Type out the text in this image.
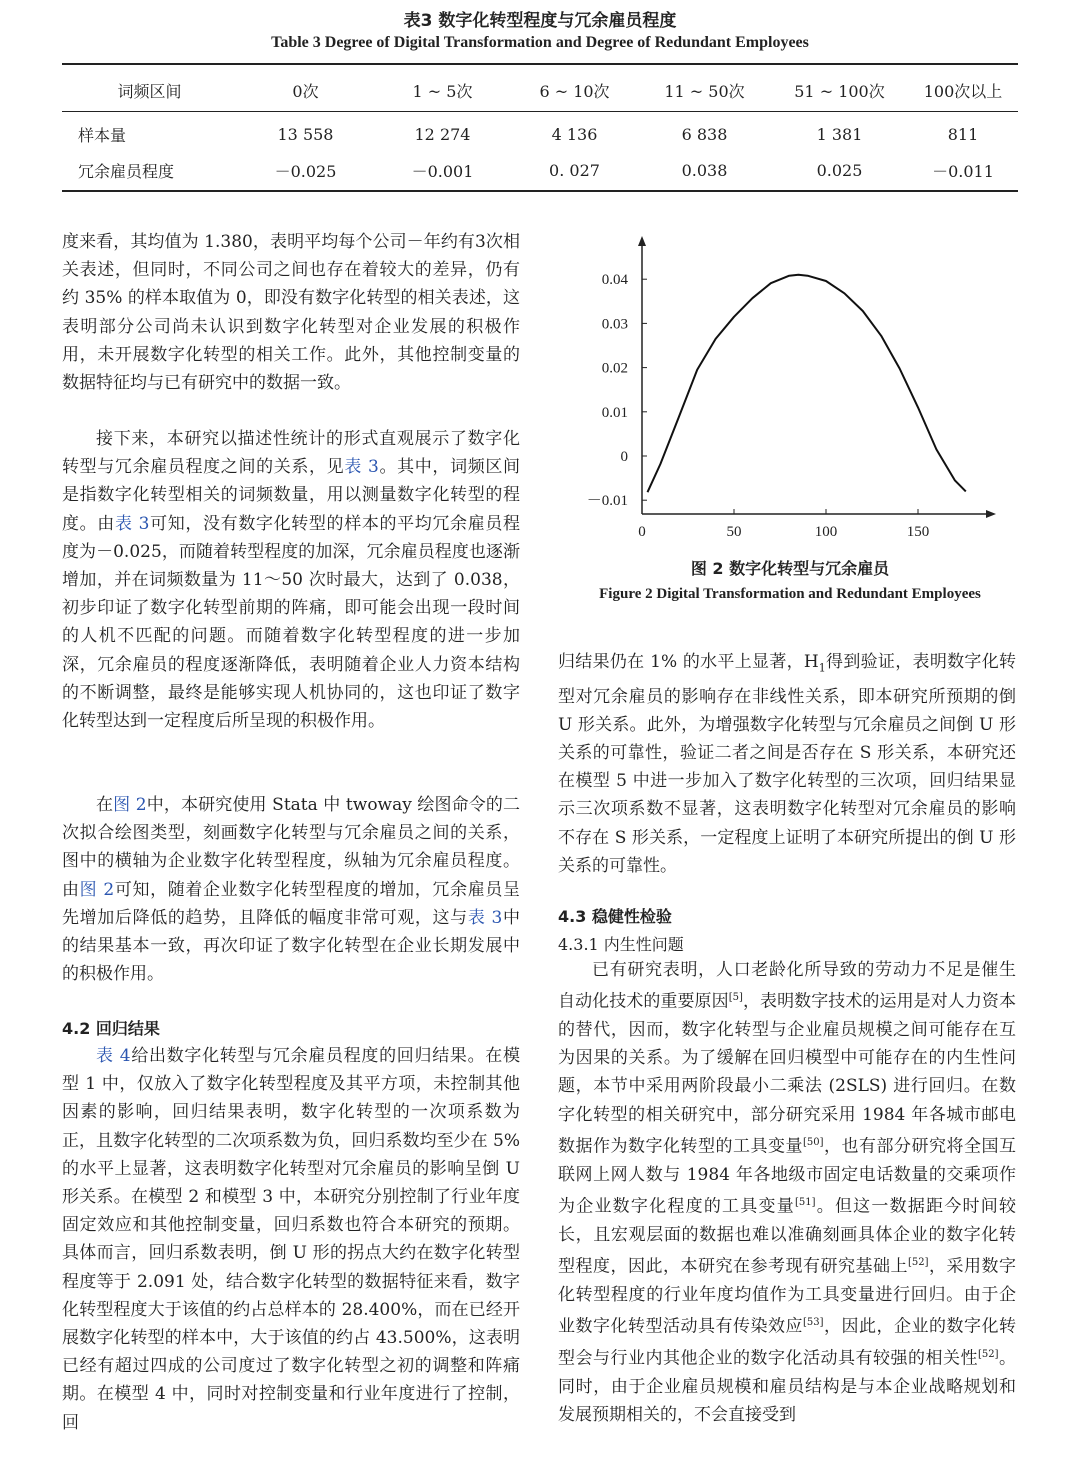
表3 数字化转型程度与冗余雇员程度
Table 3 Degree of Digital Transformation and Degree of Redundant Employees
词频区间	0次	1 ~ 5次	6 ~ 10次	11 ~ 50次	51 ~ 100次	100次以上
样本量	13 558	12 274	4 136	6 838	1 381	811
冗余雇员程度	－0.025	－0.001	0. 027	0.038	0.025	－0.011

度来看，其均值为 1.380，表明平均每个公司－年约有3次相关表述，但同时，不同公司之间也存在着较大的差异，仍有约 35% 的样本取值为 0，即没有数字化转型的相关表述，这表明部分公司尚未认识到数字化转型对企业发展的积极作用，未开展数字化转型的相关工作。此外，其他控制变量的数据特征均与已有研究中的数据一致。

接下来，本研究以描述性统计的形式直观展示了数字化转型与冗余雇员程度之间的关系，见表 3。其中，词频区间是指数字化转型相关的词频数量，用以测量数字化转型的程度。由表 3可知，没有数字化转型的样本的平均冗余雇员程度为－0.025，而随着转型程度的加深，冗余雇员程度也逐渐增加，并在词频数量为 11～50 次时最大，达到了 0.038，初步印证了数字化转型前期的阵痛，即可能会出现一段时间的人机不匹配的问题。而随着数字化转型程度的进一步加深，冗余雇员的程度逐渐降低，表明随着企业人力资本结构的不断调整，最终是能够实现人机协同的，这也印证了数字化转型达到一定程度后所呈现的积极作用。

在图 2中，本研究使用 Stata 中 twoway 绘图命令的二次拟合绘图类型，刻画数字化转型与冗余雇员之间的关系，图中的横轴为企业数字化转型程度，纵轴为冗余雇员程度。由图 2可知，随着企业数字化转型程度的增加，冗余雇员呈先增加后降低的趋势，且降低的幅度非常可观，这与表 3中的结果基本一致，再次印证了数字化转型在企业长期发展中的积极作用。

4.2 回归结果

表 4给出数字化转型与冗余雇员程度的回归结果。在模型 1 中，仅放入了数字化转型程度及其平方项，未控制其他因素的影响，回归结果表明，数字化转型的一次项系数为正，且数字化转型的二次项系数为负，回归系数均至少在 5% 的水平上显著，这表明数字化转型对冗余雇员的影响呈倒 U 形关系。在模型 2 和模型 3 中，本研究分别控制了行业年度固定效应和其他控制变量，回归系数也符合本研究的预期。具体而言，回归系数表明，倒 U 形的拐点大约在数字化转型程度等于 2.091 处，结合数字化转型的数据特征来看，数字化转型程度大于该值的约占总样本的 28.400%，而在已经开展数字化转型的样本中，大于该值的约占 43.500%，这表明已经有超过四成的公司度过了数字化转型之初的调整和阵痛期。在模型 4 中，同时对控制变量和行业年度进行了控制，回

0	50	100	150
－0.01
0
0.01
0.02
0.03
0.04
图 2 数字化转型与冗余雇员
Figure 2 Digital Transformation and Redundant Employees

归结果仍在 1% 的水平上显著，$H_1$得到验证，表明数字化转型对冗余雇员的影响存在非线性关系，即本研究所预期的倒 U 形关系。此外，为增强数字化转型与冗余雇员之间倒 U 形关系的可靠性，验证二者之间是否存在 S 形关系，本研究还在模型 5 中进一步加入了数字化转型的三次项，回归结果显示三次项系数不显著，这表明数字化转型对冗余雇员的影响不存在 S 形关系，一定程度上证明了本研究所提出的倒 U 形关系的可靠性。

4.3 稳健性检验
4.3.1 内生性问题

已有研究表明，人口老龄化所导致的劳动力不足是催生自动化技术的重要原因[5]，表明数字技术的运用是对人力资本的替代，因而，数字化转型与企业雇员规模之间可能存在互为因果的关系。为了缓解在回归模型中可能存在的内生性问题，本节中采用两阶段最小二乘法 (2SLS) 进行回归。在数字化转型的相关研究中，部分研究采用 1984 年各城市邮电数据作为数字化转型的工具变量[50]，也有部分研究将全国互联网上网人数与 1984 年各地级市固定电话数量的交乘项作为企业数字化程度的工具变量[51]。但这一数据距今时间较长，且宏观层面的数据也难以准确刻画具体企业的数字化转型程度，因此，本研究在参考现有研究基础上[52]，采用数字化转型程度的行业年度均值作为工具变量进行回归。由于企业数字化转型活动具有传染效应[53]，因此，企业的数字化转型会与行业内其他企业的数字化活动具有较强的相关性[52]。同时，由于企业雇员规模和雇员结构是与本企业战略规划和发展预期相关的，不会直接受到
